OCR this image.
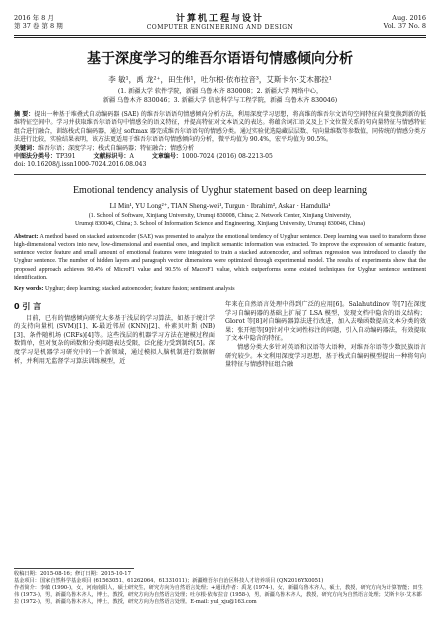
2016 年 8 月
第 37 卷 第 8 期
计算机工程与设计
COMPUTER ENGINEERING AND DESIGN
Aug. 2016
Vol. 37 No. 8
基于深度学习的维吾尔语语句情感倾向分析
李 敏¹，禹 龙²⁺，田生伟¹，吐尔根·依布拉音³，艾斯卡尔·艾木都拉¹
(1. 新疆大学 软件学院，新疆 乌鲁木齐 830008；2. 新疆大学 网络中心，
新疆 乌鲁木齐 830046；3. 新疆大学 信息科学与工程学院，新疆 乌鲁木齐 830046)
摘 要：提出一种基于堆叠式自动编码器 (SAE) 的维吾尔语语句情感倾向分析方法，利用深度学习思想，将高维的维吾尔文语句空间特征向量变换到新的低维特征空间中。学习并获取维吾尔语语句中情感全的语义特征，并提高特征对文本语义的表达。将蕴含词汇语义及上下文位置关系的句向量特征与情感特征组合进行融合，训练栈式自编码器，通过 softmax 器完成维吾尔语语句的情感分类。通过实验优选隐藏层层数、句向量维数等参数值，同传统的情感分类方法进行比较，实验结果表明，该方法更适用于维吾尔语语句情感倾向的分析，微平均值为 90.4%，宏平均值为 90.5%。
关键词：维吾尔语；深度学习；栈式自编码器；特征融合；情感分析
中图法分类号：TP391	文献标识号：A	文章编号：1000-7024 (2016) 08-2213-05
doi: 10.16208/j.issn1000-7024.2016.08.043
Emotional tendency analysis of Uyghur statement based on deep learning
LI Min¹, YU Long²⁺, TIAN Sheng-wei¹, Turgun · Ibrahim³, Askar · Hamdulla¹
(1. School of Software, Xinjiang University, Urumqi 830008, China; 2. Network Center, Xinjiang University,
Urumqi 830046, China; 3. School of Information Science and Engineering, Xinjiang University, Urumqi 830046, China)
Abstract: A method based on stacked autoencoder (SAE) was presented to analyze the emotional tendency of Uyghur sentence. Deep learning was used to transform those high-dimensional vectors into new, low-dimensional and essential ones, and implicit semantic information was extracted. To improve the expression of semantic feature, sentence vector feature and small amount of emotional features were integrated to train a stacked autoencoder, and softmax regression was introduced to classify the Uyghur sentence. The number of hidden layers and paragraph vector dimensions were optimized through experimental model. The results of experiments show that the proposed approach achieves 90.4% of MicroF1 value and 90.5% of MacroF1 value, which outperforms some existed techniques for Uyghur sentence sentiment identification.
Key words: Uyghur; deep learning; stacked autoencoder; feature fusion; sentiment analysis
0 引 言

目前，已有的情感倾向研究大多基于浅层的学习算法，如基于统计学的支持向量机 (SVM)[1]、K-最近邻居 (KNN)[2]、朴素贝叶斯 (NB)[3]、条件随机场 (CRFs)[4]等。这些浅层的机器学习方法在建模过程面数简单，但对复杂的函数和分类问题表达受限，泛化能力受到制约[5]。深度学习是机器学习研究中的一个新领域，通过模拟人脑机制进行数据解析，并利用无监督学习算法训练模型，近

年来在自然语言处理中得到广泛的应用[6]。Salahutdinov 等[7]在深度学习自编码器的基础上扩展了 LSA 模型，发现文档中隐含的语义结构；Glorot 等[8]对自编码器算法进行改进，加入去噪函数提高文本分类的效果；张开旭等[9]针对中文词性标注的问题，引入自动编码器法，有效提取了文本中隐含的特征。

情感分类大多针对英语和汉语等大语种，对维吾尔语等少数民族语言研究较少。本文利用深度学习思想，基于栈式自编码模型提出一种将句向量特征与情感特征组合融

收稿日期：2015-08-16；修订日期：2015-10-17
基金项目：国家自然科学基金项目 (61563051、61262064、61331011)；新疆维吾尔自治区科技人才培养项目 (QN2016YX0051)
作者简介：李敏 (1990-)，女，河南南阳人，硕士研究生，研究方向为自然语言处理；+通讯作者：禹龙 (1974-)，女，新疆乌鲁木齐人，硕士，教授，研究方向为计算智能；田生伟 (1973-)，男，新疆乌鲁木齐人，博士，教授，研究方向为自然语言处理；吐尔根·依布拉音 (1958-)，男，新疆乌鲁木齐人，教授，研究方向为自然语言处理；艾斯卡尔·艾木都拉 (1972-)，男，新疆乌鲁木齐人，博士，教授，研究方向为自然语言处理。E-mail: yul_xju@163.com
